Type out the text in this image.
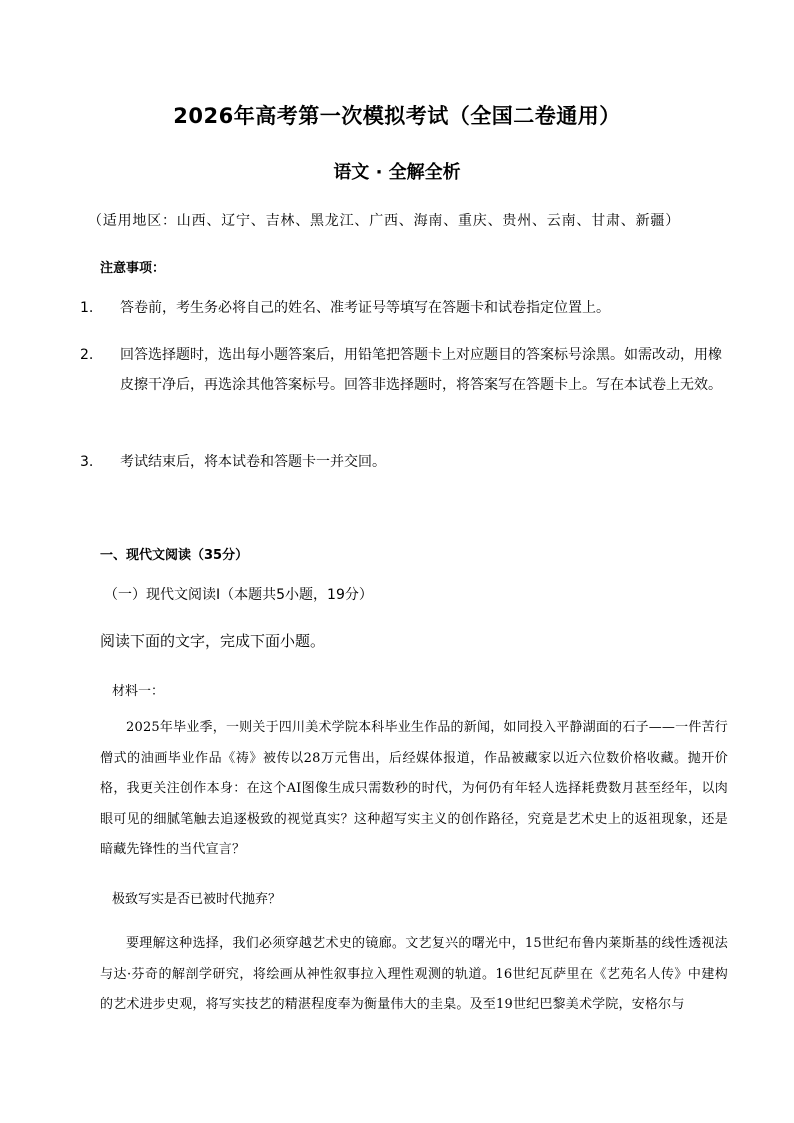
2026年高考第一次模拟考试（全国二卷通用）
语文 · 全解全析
（适用地区：山西、辽宁、吉林、黑龙江、广西、海南、重庆、贵州、云南、甘肃、新疆）
注意事项：
1. 答卷前，考生务必将自己的姓名、准考证号等填写在答题卡和试卷指定位置上。
2. 回答选择题时，选出每小题答案后，用铅笔把答题卡上对应题目的答案标号涂黑。如需改动，用橡皮擦干净后，再选涂其他答案标号。回答非选择题时，将答案写在答题卡上。写在本试卷上无效。
3. 考试结束后，将本试卷和答题卡一并交回。
一、现代文阅读（35分）
（一）现代文阅读Ⅰ（本题共5小题，19分）
阅读下面的文字，完成下面小题。
材料一：
2025年毕业季，一则关于四川美术学院本科毕业生作品的新闻，如同投入平静湖面的石子——一件苦行僧式的油画毕业作品《祷》被传以28万元售出，后经媒体报道，作品被藏家以近六位数价格收藏。抛开价格，我更关注创作本身：在这个AI图像生成只需数秒的时代，为何仍有年轻人选择耗费数月甚至经年，以肉眼可见的细腻笔触去追逐极致的视觉真实？这种超写实主义的创作路径，究竟是艺术史上的返祖现象，还是暗藏先锋性的当代宣言？
极致写实是否已被时代抛弃？
要理解这种选择，我们必须穿越艺术史的镜廊。文艺复兴的曙光中，15世纪布鲁内莱斯基的线性透视法与达·芬奇的解剖学研究，将绘画从神性叙事拉入理性观测的轨道。16世纪瓦萨里在《艺苑名人传》中建构的艺术进步史观，将写实技艺的精湛程度奉为衡量伟大的圭臬。及至19世纪巴黎美术学院，安格尔与
